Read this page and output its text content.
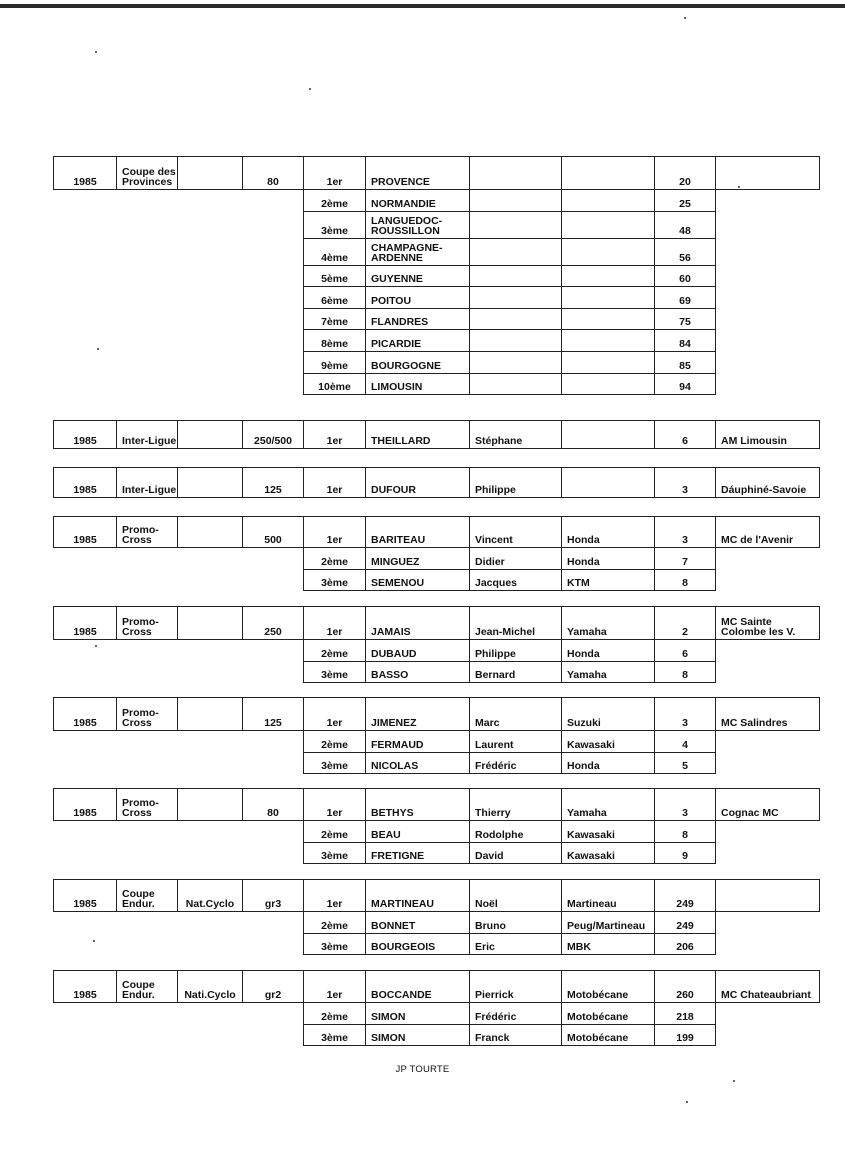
1985	Coupe des Provinces		80	1er	PROVENCE			20	
				2ème	NORMANDIE			25	
				3ème	LANGUEDOC-ROUSSILLON			48	
				4ème	CHAMPAGNE-ARDENNE			56	
				5ème	GUYENNE			60	
				6ème	POITOU			69	
				7ème	FLANDRES			75	
				8ème	PICARDIE			84	
				9ème	BOURGOGNE			85	
				10ème	LIMOUSIN			94	
1985	Inter-Ligue		250/500	1er	THEILLARD	Stéphane		6	AM Limousin
1985	Inter-Ligue		125	1er	DUFOUR	Philippe		3	Dáuphiné-Savoie
1985	Promo-Cross		500	1er	BARITEAU	Vincent	Honda	3	MC de l'Avenir
				2ème	MINGUEZ	Didier	Honda	7	
				3ème	SEMENOU	Jacques	KTM	8	
1985	Promo-Cross		250	1er	JAMAIS	Jean-Michel	Yamaha	2	MC Sainte Colombe les V.
				2ème	DUBAUD	Philippe	Honda	6	
				3ème	BASSO	Bernard	Yamaha	8	
1985	Promo-Cross		125	1er	JIMENEZ	Marc	Suzuki	3	MC Salindres
				2ème	FERMAUD	Laurent	Kawasaki	4	
				3ème	NICOLAS	Frédéric	Honda	5	
1985	Promo-Cross		80	1er	BETHYS	Thierry	Yamaha	3	Cognac MC
				2ème	BEAU	Rodolphe	Kawasaki	8	
				3ème	FRETIGNE	David	Kawasaki	9	
1985	Coupe Endur.	Nat.Cyclo	gr3	1er	MARTINEAU	Noël	Martineau	249	
				2ème	BONNET	Bruno	Peug/Martineau	249	
				3ème	BOURGEOIS	Eric	MBK	206	
1985	Coupe Endur.	Nati.Cyclo	gr2	1er	BOCCANDE	Pierrick	Motobécane	260	MC Chateaubriant
				2ème	SIMON	Frédéric	Motobécane	218	
				3ème	SIMON	Franck	Motobécane	199	
JP TOURTE
